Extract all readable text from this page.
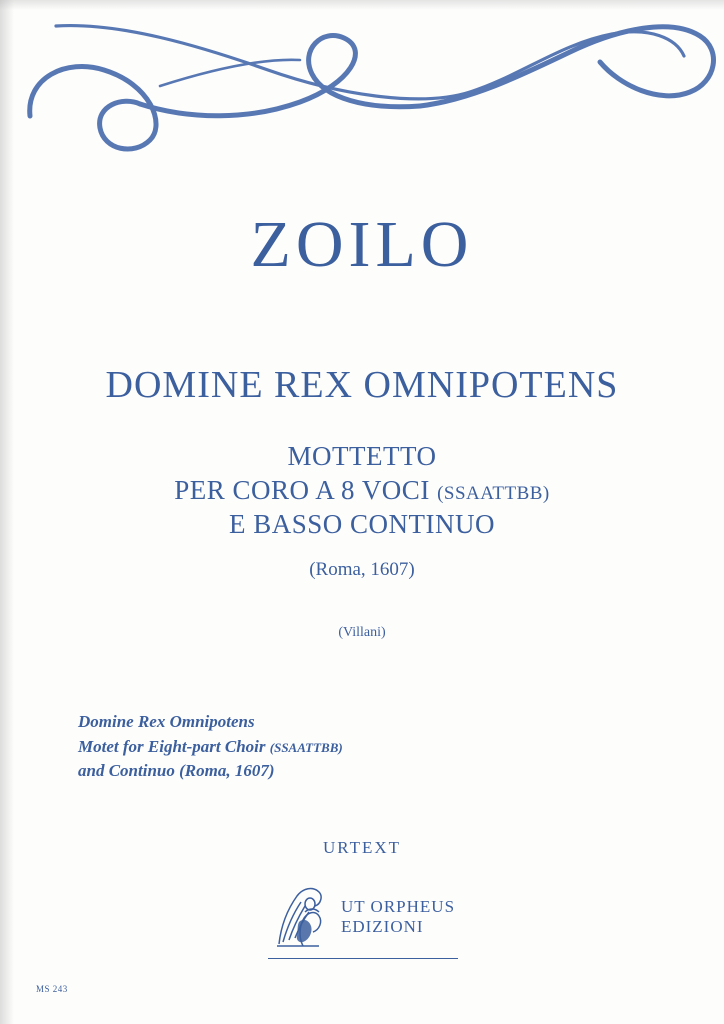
ZOILO
DOMINE REX OMNIPOTENS
MOTTETTO
PER CORO A 8 VOCI (SSAATTBB)
E BASSO CONTINUO
(Roma, 1607)
(Villani)
Domine Rex Omnipotens
Motet for Eight-part Choir (SSAATTBB)
and Continuo (Roma, 1607)
URTEXT
UT ORPHEUS
EDIZIONI
MS 243
